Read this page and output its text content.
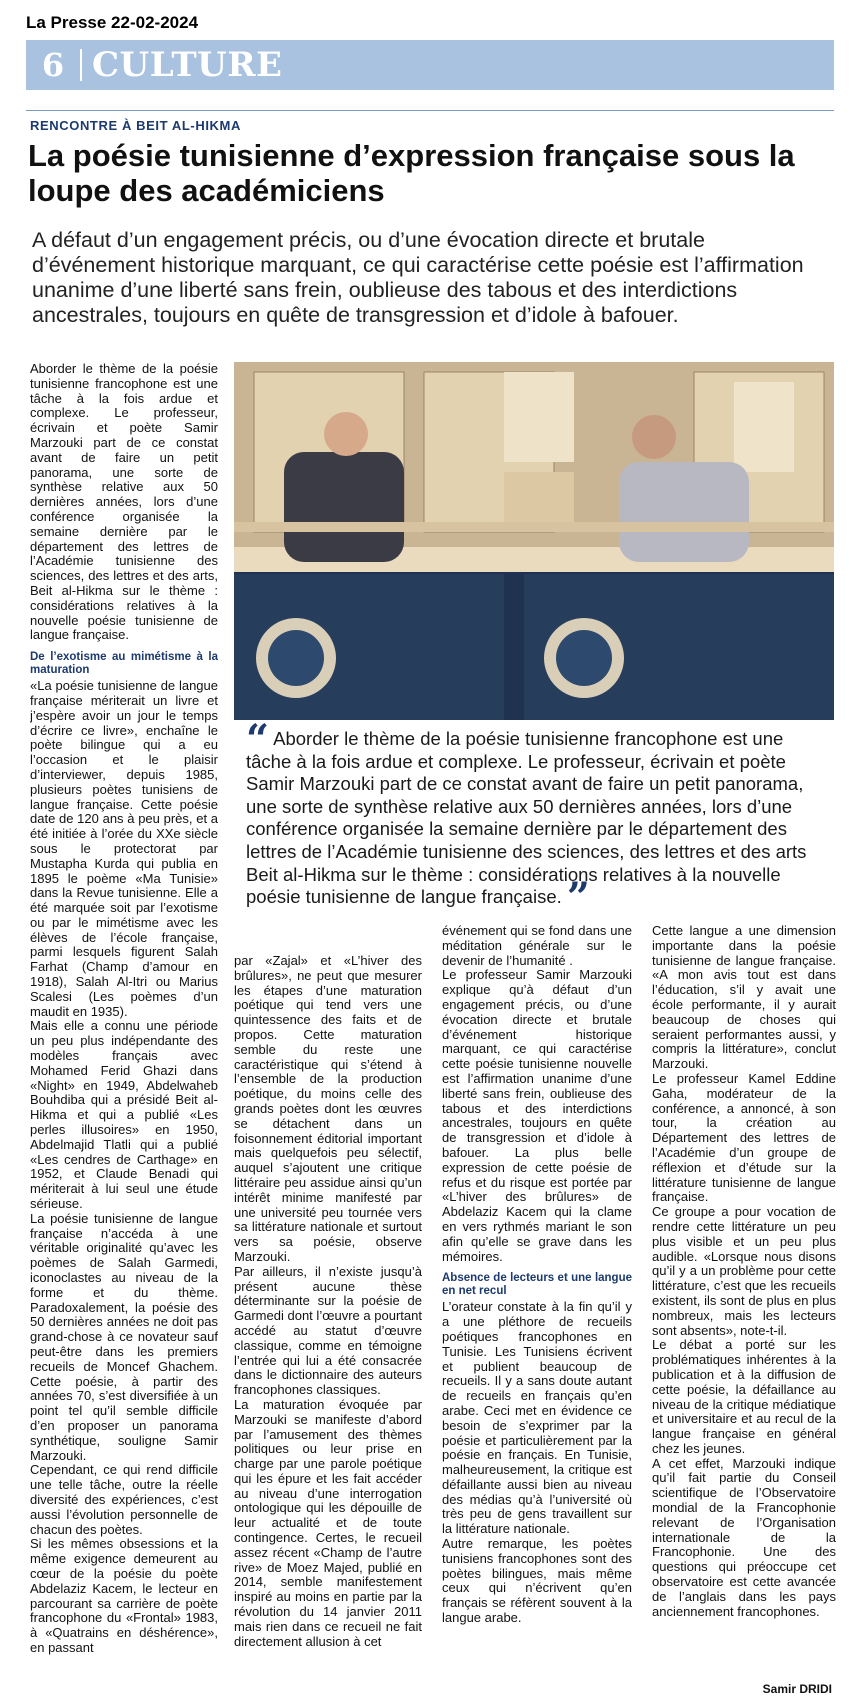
La Presse 22-02-2024
6 CULTURE
RENCONTRE À BEIT AL-HIKMA
La poésie tunisienne d’expression française sous la loupe des académiciens
A défaut d’un engagement précis, ou d’une évocation directe et brutale d’événement historique marquant, ce qui caractérise cette poésie est l’affirmation unanime d’une liberté sans frein, oublieuse des tabous et des interdictions ancestrales, toujours en quête de transgression et d’idole à bafouer.

Aborder le thème de la poésie tunisienne francophone est une tâche à la fois ardue et complexe. Le professeur, écrivain et poète Samir Marzouki part de ce constat avant de faire un petit panorama, une sorte de synthèse relative aux 50 dernières années, lors d’une conférence organisée la semaine dernière par le département des lettres de l’Académie tunisienne des sciences, des lettres et des arts, Beit al-Hikma sur le thème : considérations relatives à la nouvelle poésie tunisienne de langue française.

De l’exotisme au mimétisme à la maturation

«La poésie tunisienne de langue française mériterait un livre et j’espère avoir un jour le temps d’écrire ce livre», enchaîne le poète bilingue qui a eu l’occasion et le plaisir d’interviewer, depuis 1985, plusieurs poètes tunisiens de langue française. Cette poésie date de 120 ans à peu près, et a été initiée à l’orée du XXe siècle sous le protectorat par Mustapha Kurda qui publia en 1895 le poème «Ma Tunisie» dans la Revue tunisienne. Elle a été marquée soit par l’exotisme ou par le mimétisme avec les élèves de l’école française, parmi lesquels figurent Salah Farhat (Champ d’amour en 1918), Salah Al-Itri ou Marius Scalesi (Les poèmes d’un maudit en 1935).

Mais elle a connu une période un peu plus indépendante des modèles français avec Mohamed Ferid Ghazi dans «Night» en 1949, Abdelwaheb Bouhdiba qui a présidé Beit al-Hikma et qui a publié «Les perles illusoires» en 1950, Abdelmajid Tlatli qui a publié «Les cendres de Carthage» en 1952, et Claude Benadi qui mériterait à lui seul une étude sérieuse.

La poésie tunisienne de langue française n’accéda à une véritable originalité qu’avec les poèmes de Salah Garmedi, iconoclastes au niveau de la forme et du thème. Paradoxalement, la poésie des 50 dernières années ne doit pas grand-chose à ce novateur sauf peut-être dans les premiers recueils de Moncef Ghachem. Cette poésie, à partir des années 70, s’est diversifiée à un point tel qu’il semble difficile d’en proposer un panorama synthétique, souligne Samir Marzouki.

Cependant, ce qui rend difficile une telle tâche, outre la réelle diversité des expériences, c’est aussi l’évolution personnelle de chacun des poètes.

Si les mêmes obsessions et la même exigence demeurent au cœur de la poésie du poète Abdelaziz Kacem, le lecteur en parcourant sa carrière de poète francophone du «Frontal» 1983, à «Quatrains en déshérence», en passant

“ Aborder le thème de la poésie tunisienne francophone est une tâche à la fois ardue et complexe. Le professeur, écrivain et poète Samir Marzouki part de ce constat avant de faire un petit panorama, une sorte de synthèse relative aux 50 dernières années, lors d’une conférence organisée la semaine dernière par le département des lettres de l’Académie tunisienne des sciences, des lettres et des arts Beit al-Hikma sur le thème : considérations relatives à la nouvelle poésie tunisienne de langue française. ”

par «Zajal» et «L’hiver des brûlures», ne peut que mesurer les étapes d’une maturation poétique qui tend vers une quintessence des faits et de propos. Cette maturation semble du reste une caractéristique qui s’étend à l’ensemble de la production poétique, du moins celle des grands poètes dont les œuvres se détachent dans un foisonnement éditorial important mais quelquefois peu sélectif, auquel s’ajoutent une critique littéraire peu assidue ainsi qu’un intérêt minime manifesté par une université peu tournée vers sa littérature nationale et surtout vers sa poésie, observe Marzouki.

Par ailleurs, il n’existe jusqu’à présent aucune thèse déterminante sur la poésie de Garmedi dont l’œuvre a pourtant accédé au statut d’œuvre classique, comme en témoigne l’entrée qui lui a été consacrée dans le dictionnaire des auteurs francophones classiques.

La maturation évoquée par Marzouki se manifeste d’abord par l’amusement des thèmes politiques ou leur prise en charge par une parole poétique qui les épure et les fait accéder au niveau d’une interrogation ontologique qui les dépouille de leur actualité et de toute contingence. Certes, le recueil assez récent «Champ de l’autre rive» de Moez Majed, publié en 2014, semble manifestement inspiré au moins en partie par la révolution du 14 janvier 2011 mais rien dans ce recueil ne fait directement allusion à cet

événement qui se fond dans une méditation générale sur le devenir de l’humanité .

Le professeur Samir Marzouki explique qu’à défaut d’un engagement précis, ou d’une évocation directe et brutale d’événement historique marquant, ce qui caractérise cette poésie tunisienne nouvelle est l’affirmation unanime d’une liberté sans frein, oublieuse des tabous et des interdictions ancestrales, toujours en quête de transgression et d’idole à bafouer. La plus belle expression de cette poésie de refus et du risque est portée par «L’hiver des brûlures» de Abdelaziz Kacem qui la clame en vers rythmés mariant le son afin qu’elle se grave dans les mémoires.

Absence de lecteurs et une langue en net recul

L’orateur constate à la fin qu’il y a une pléthore de recueils poétiques francophones en Tunisie. Les Tunisiens écrivent et publient beaucoup de recueils. Il y a sans doute autant de recueils en français qu’en arabe. Ceci met en évidence ce besoin de s’exprimer par la poésie et particulièrement par la poésie en français. En Tunisie, malheureusement, la critique est défaillante aussi bien au niveau des médias qu’à l’université où très peu de gens travaillent sur la littérature nationale.

Autre remarque, les poètes tunisiens francophones sont des poètes bilingues, mais même ceux qui n’écrivent qu’en français se réfèrent souvent à la langue arabe.

Cette langue a une dimension importante dans la poésie tunisienne de langue française. «A mon avis tout est dans l’éducation, s’il y avait une école performante, il y aurait beaucoup de choses qui seraient performantes aussi, y compris la littérature», conclut Marzouki.

Le professeur Kamel Eddine Gaha, modérateur de la conférence, a annoncé, à son tour, la création au Département des lettres de l’Académie d’un groupe de réflexion et d’étude sur la littérature tunisienne de langue française.

Ce groupe a pour vocation de rendre cette littérature un peu plus visible et un peu plus audible. «Lorsque nous disons qu’il y a un problème pour cette littérature, c’est que les recueils existent, ils sont de plus en plus nombreux, mais les lecteurs sont absents», note-t-il.

Le débat a porté sur les problématiques inhérentes à la publication et à la diffusion de cette poésie, la défaillance au niveau de la critique médiatique et universitaire et au recul de la langue française en général chez les jeunes.

A cet effet, Marzouki indique qu’il fait partie du Conseil scientifique de l’Observatoire mondial de la Francophonie relevant de l’Organisation internationale de la Francophonie. Une des questions qui préoccupe cet observatoire est cette avancée de l’anglais dans les pays anciennement francophones.

Samir DRIDI
